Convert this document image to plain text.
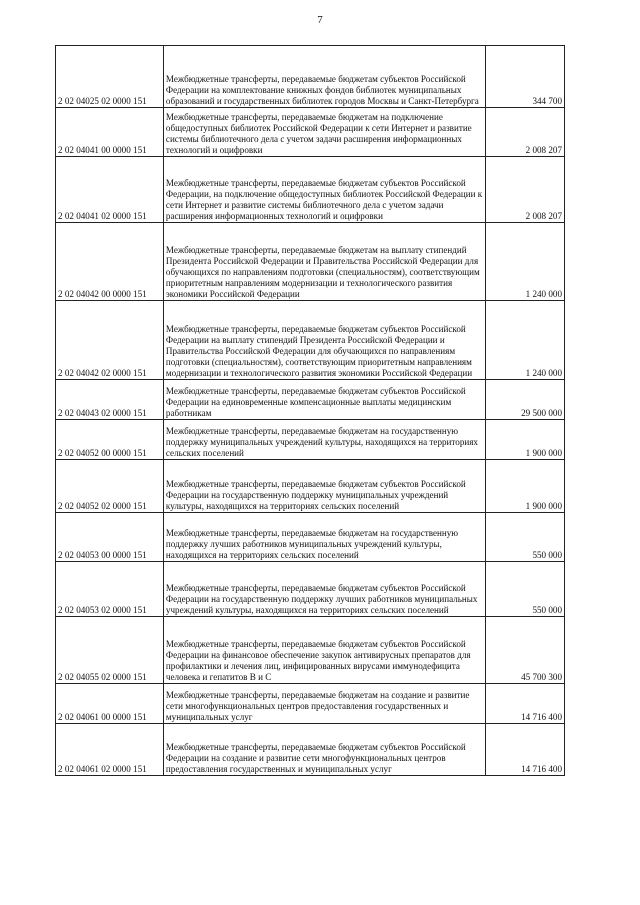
7
2 02 04025 02 0000 151	Межбюджетные трансферты, передаваемые бюджетам субъектов Российской Федерации на комплектование книжных фондов библиотек муниципальных образований и государственных библиотек городов Москвы и Санкт-Петербурга	344 700
2 02 04041 00 0000 151	Межбюджетные трансферты, передаваемые бюджетам на подключение общедоступных библиотек Российской Федерации к сети Интернет и развитие системы библиотечного дела с учетом задачи расширения информационных технологий и оцифровки	2 008 207
2 02 04041 02 0000 151	Межбюджетные трансферты, передаваемые бюджетам субъектов Российской Федерации, на подключение общедоступных библиотек Российской Федерации к сети Интернет и развитие системы библиотечного дела с учетом задачи расширения информационных технологий и оцифровки	2 008 207
2 02 04042 00 0000 151	Межбюджетные трансферты, передаваемые бюджетам на выплату стипендий Президента Российской Федерации и Правительства Российской Федерации для обучающихся по направлениям подготовки (специальностям), соответствующим приоритетным направлениям модернизации и технологического развития экономики Российской Федерации	1 240 000
2 02 04042 02 0000 151	Межбюджетные трансферты, передаваемые бюджетам субъектов Российской Федерации на выплату стипендий Президента Российской Федерации и Правительства Российской Федерации для обучающихся по направлениям подготовки (специальностям), соответствующим приоритетным направлениям модернизации и технологического развития экономики Российской Федерации	1 240 000
2 02 04043 02 0000 151	Межбюджетные трансферты, передаваемые бюджетам субъектов Российской Федерации на единовременные компенсационные выплаты медицинским работникам	29 500 000
2 02 04052 00 0000 151	Межбюджетные трансферты, передаваемые бюджетам на государственную поддержку муниципальных учреждений культуры, находящихся на территориях сельских поселений	1 900 000
2 02 04052 02 0000 151	Межбюджетные трансферты, передаваемые бюджетам субъектов Российской Федерации на государственную поддержку муниципальных учреждений культуры, находящихся на территориях сельских поселений	1 900 000
2 02 04053 00 0000 151	Межбюджетные трансферты, передаваемые бюджетам на государственную поддержку лучших работников муниципальных учреждений культуры, находящихся на территориях сельских поселений	550 000
2 02 04053 02 0000 151	Межбюджетные трансферты, передаваемые бюджетам субъектов Российской Федерации на государственную поддержку лучших работников муниципальных учреждений культуры, находящихся на территориях сельских поселений	550 000
2 02 04055 02 0000 151	Межбюджетные трансферты, передаваемые бюджетам субъектов Российской Федерации на финансовое обеспечение закупок антивирусных препаратов для профилактики и лечения лиц, инфицированных вирусами иммунодефицита человека и гепатитов В и С	45 700 300
2 02 04061 00 0000 151	Межбюджетные трансферты, передаваемые бюджетам на создание и развитие сети многофункциональных центров предоставления государственных и муниципальных услуг	14 716 400
2 02 04061 02 0000 151	Межбюджетные трансферты, передаваемые бюджетам субъектов Российской Федерации на создание и развитие сети многофункциональных центров предоставления государственных и муниципальных услуг	14 716 400
